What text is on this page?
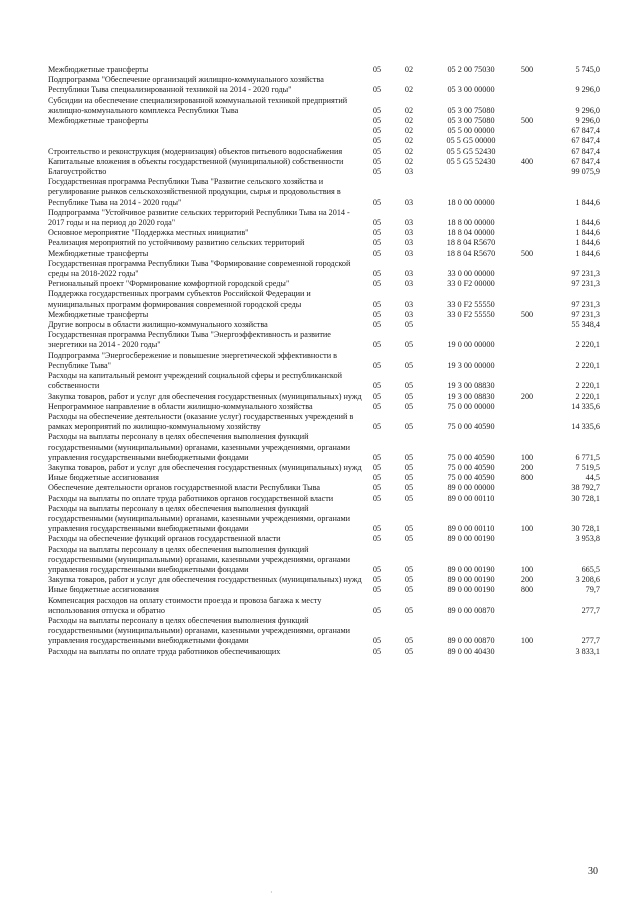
Межбюджетные трансферты	05	02	05 2 00 75030	500	5 745,0
Подпрограмма "Обеспечение организаций жилищно-коммунального хозяйства Республики Тыва специализированной техникой на 2014 - 2020 годы"	05	02	05 3 00 00000		9 296,0
Субсидии на обеспечение специализированной коммунальной техникой предприятий жилищно-коммунального комплекса Республики Тыва	05	02	05 3 00 75080		9 296,0
Межбюджетные трансферты	05	02	05 3 00 75080	500	9 296,0
	05	02	05 5 00 00000		67 847,4
	05	02	05 5 G5 00000		67 847,4
Строительство и реконструкция (модернизация) объектов питьевого водоснабжения	05	02	05 5 G5 52430		67 847,4
Капитальные вложения в объекты государственной (муниципальной) собственности	05	02	05 5 G5 52430	400	67 847,4
Благоустройство	05	03			99 075,9
Государственная программа Республики Тыва "Развитие сельского хозяйства и регулирование рынков сельскохозяйственной продукции, сырья и продовольствия в Республике Тыва на 2014 - 2020 годы"	05	03	18 0 00 00000		1 844,6
Подпрограмма "Устойчивое развитие сельских территорий Республики Тыва на 2014 - 2017 годы и на период до 2020 года"	05	03	18 8 00 00000		1 844,6
Основное мероприятие "Поддержка местных инициатив"	05	03	18 8 04 00000		1 844,6
Реализация мероприятий по устойчивому развитию сельских территорий	05	03	18 8 04 R5670		1 844,6
Межбюджетные трансферты	05	03	18 8 04 R5670	500	1 844,6
Государственная программа Республики Тыва "Формирование современной городской среды на 2018-2022 годы"	05	03	33 0 00 00000		97 231,3
Региональный проект "Формирование комфортной городской среды"	05	03	33 0 F2 00000		97 231,3
Поддержка государственных программ субъектов Российской Федерации и муниципальных программ формирования современной городской среды	05	03	33 0 F2 55550		97 231,3
Межбюджетные трансферты	05	03	33 0 F2 55550	500	97 231,3
Другие вопросы в области жилищно-коммунального хозяйства	05	05			55 348,4
Государственная программа Республики Тыва "Энергоэффективность и развитие энергетики на 2014 - 2020 годы"	05	05	19 0 00 00000		2 220,1
Подпрограмма "Энергосбережение и повышение энергетической эффективности в Республике Тыва"	05	05	19 3 00 00000		2 220,1
Расходы на капитальный ремонт учреждений социальной сферы и республиканской собственности	05	05	19 3 00 08830		2 220,1
Закупка товаров, работ и услуг для обеспечения государственных (муниципальных) нужд	05	05	19 3 00 08830	200	2 220,1
Непрограммное направление в области жилищно-коммунального хозяйства	05	05	75 0 00 00000		14 335,6
Расходы на обеспечение деятельности (оказание услуг) государственных учреждений в рамках мероприятий по жилищно-коммунальному хозяйству	05	05	75 0 00 40590		14 335,6
Расходы на выплаты персоналу в целях обеспечения выполнения функций государственными (муниципальными) органами, казенными учреждениями, органами управления государственными внебюджетными фондами	05	05	75 0 00 40590	100	6 771,5
Закупка товаров, работ и услуг для обеспечения государственных (муниципальных) нужд	05	05	75 0 00 40590	200	7 519,5
Иные бюджетные ассигнования	05	05	75 0 00 40590	800	44,5
Обеспечение деятельности органов государственной власти Республики Тыва	05	05	89 0 00 00000		38 792,7
Расходы на выплаты по оплате труда работников органов государственной власти	05	05	89 0 00 00110		30 728,1
Расходы на выплаты персоналу в целях обеспечения выполнения функций государственными (муниципальными) органами, казенными учреждениями, органами управления государственными внебюджетными фондами	05	05	89 0 00 00110	100	30 728,1
Расходы на обеспечение функций органов государственной власти	05	05	89 0 00 00190		3 953,8
Расходы на выплаты персоналу в целях обеспечения выполнения функций государственными (муниципальными) органами, казенными учреждениями, органами управления государственными внебюджетными фондами	05	05	89 0 00 00190	100	665,5
Закупка товаров, работ и услуг для обеспечения государственных (муниципальных) нужд	05	05	89 0 00 00190	200	3 208,6
Иные бюджетные ассигнования	05	05	89 0 00 00190	800	79,7
Компенсация расходов на оплату стоимости проезда и провоза багажа к месту использования отпуска и обратно	05	05	89 0 00 00870		277,7
Расходы на выплаты персоналу в целях обеспечения выполнения функций государственными (муниципальными) органами, казенными учреждениями, органами управления государственными внебюджетными фондами	05	05	89 0 00 00870	100	277,7
Расходы на выплаты по оплате труда работников обеспечивающих	05	05	89 0 00 40430		3 833,1
30
·
